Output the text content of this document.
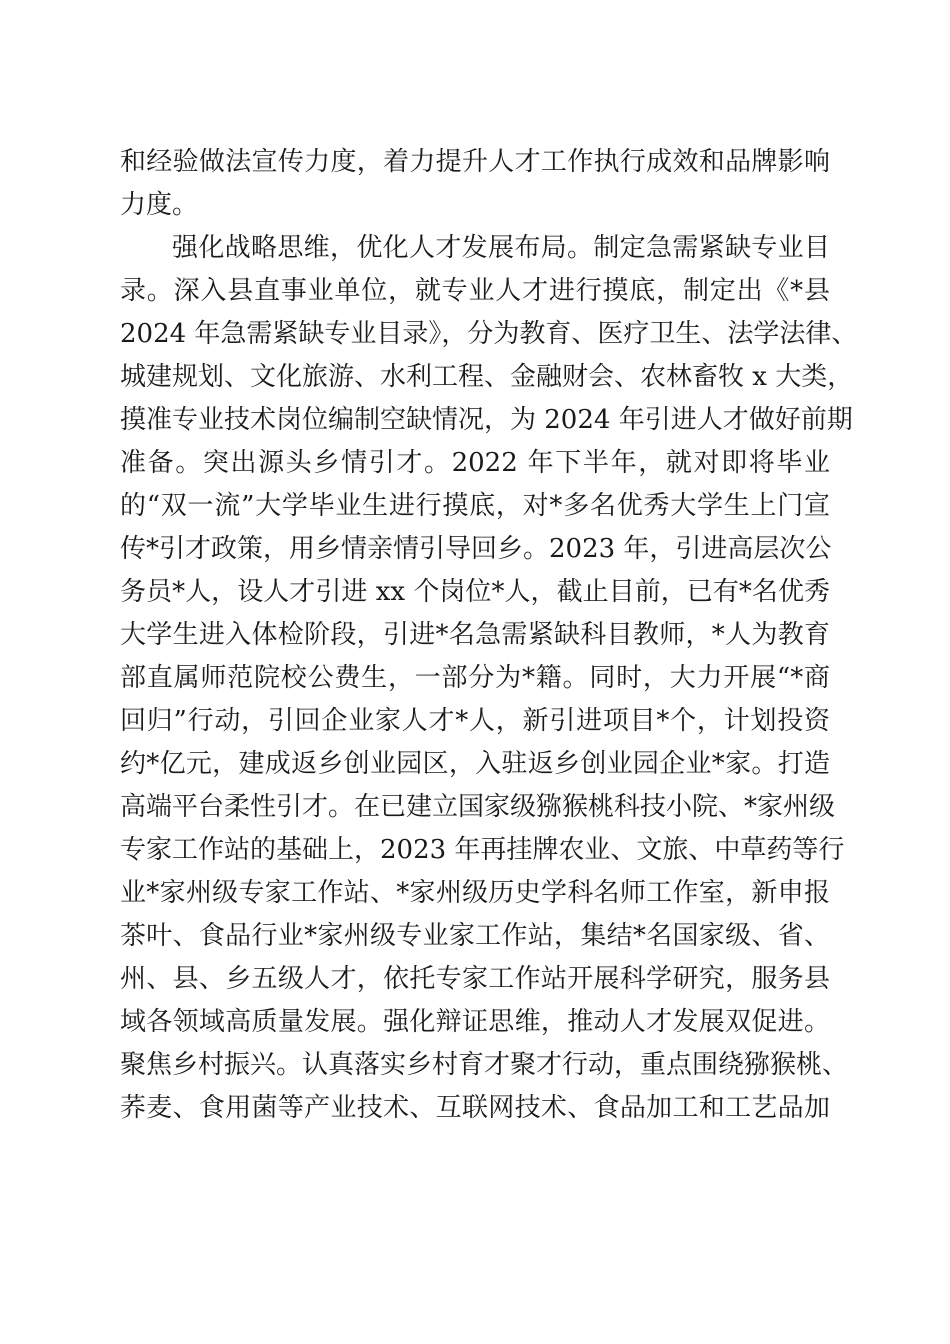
和经验做法宣传力度，着力提升人才工作执行成效和品牌影响
力度。
强化战略思维，优化人才发展布局。制定急需紧缺专业目
录。深入县直事业单位，就专业人才进行摸底，制定出《*县
2024 年急需紧缺专业目录》，分为教育、医疗卫生、法学法律、
城建规划、文化旅游、水利工程、金融财会、农林畜牧 x 大类，
摸准专业技术岗位编制空缺情况，为 2024 年引进人才做好前期
准备。突出源头乡情引才。2022 年下半年，就对即将毕业
的“双一流”大学毕业生进行摸底，对*多名优秀大学生上门宣
传*引才政策，用乡情亲情引导回乡。2023 年，引进高层次公
务员*人，设人才引进 xx 个岗位*人，截止目前，已有*名优秀
大学生进入体检阶段，引进*名急需紧缺科目教师，*人为教育
部直属师范院校公费生，一部分为*籍。同时，大力开展“*商
回归”行动，引回企业家人才*人，新引进项目*个，计划投资
约*亿元，建成返乡创业园区，入驻返乡创业园企业*家。打造
高端平台柔性引才。在已建立国家级猕猴桃科技小院、*家州级
专家工作站的基础上，2023 年再挂牌农业、文旅、中草药等行
业*家州级专家工作站、*家州级历史学科名师工作室，新申报
茶叶、食品行业*家州级专业家工作站，集结*名国家级、省、
州、县、乡五级人才，依托专家工作站开展科学研究，服务县
域各领域高质量发展。强化辩证思维，推动人才发展双促进。
聚焦乡村振兴。认真落实乡村育才聚才行动，重点围绕猕猴桃、
荞麦、食用菌等产业技术、互联网技术、食品加工和工艺品加
